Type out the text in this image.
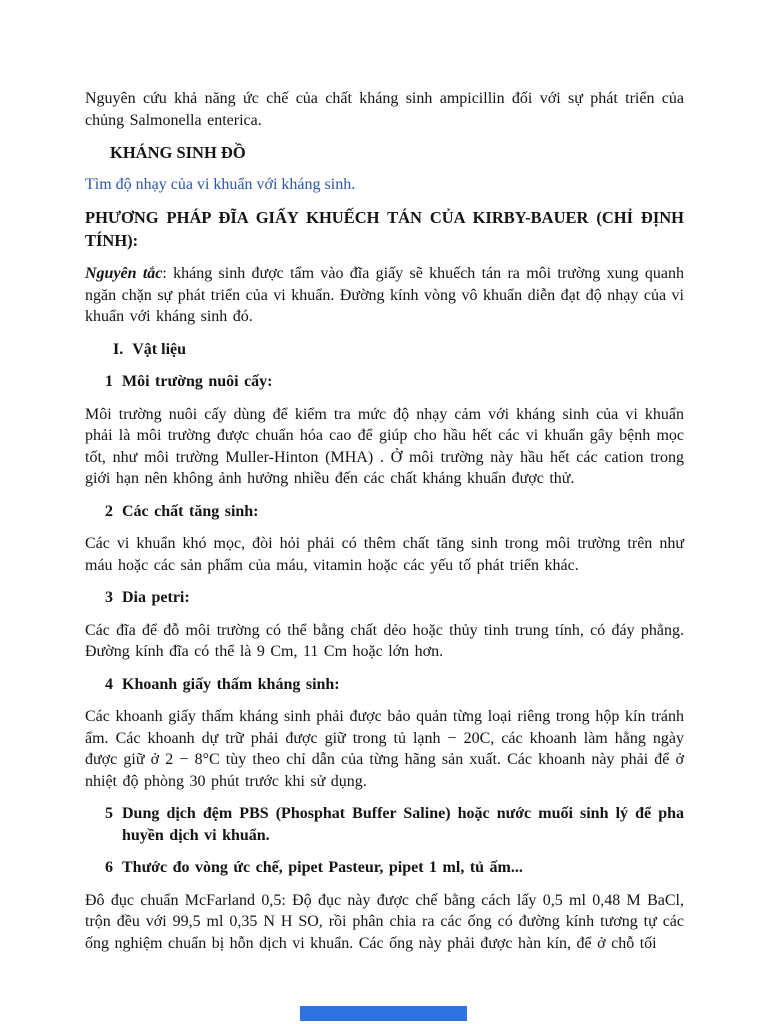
Nguyên cứu khả năng ức chế của chất kháng sinh ampicillin đối với sự phát triển của chủng Salmonella enterica.

KHÁNG SINH ĐỒ
Tìm độ nhạy của vi khuẩn với kháng sinh.
PHƯƠNG PHÁP ĐĨA GIẤY KHUẾCH TÁN CỦA KIRBY-BAUER (CHỈ ĐỊNH TÍNH):

Nguyên tắc: kháng sinh được tẩm vào đĩa giấy sẽ khuếch tán ra môi trường xung quanh ngăn chặn sự phát triển của vi khuẩn. Đường kính vòng vô khuẩn diễn đạt độ nhạy của vi khuẩn với kháng sinh đó.

I. Vật liệu
1 Môi trường nuôi cấy:

Môi trường nuôi cấy dùng để kiểm tra mức độ nhạy cảm với kháng sinh của vi khuẩn phải là môi trường được chuẩn hóa cao để giúp cho hầu hết các vi khuẩn gây bệnh mọc tốt, như môi trường Muller-Hinton (MHA) . Ở môi trường này hầu hết các cation trong giới hạn nên không ảnh hưởng nhiều đến các chất kháng khuẩn được thử.

2 Các chất tăng sinh:

Các vi khuẩn khó mọc, đòi hỏi phải có thêm chất tăng sinh trong môi trường trên như máu hoặc các sản phẩm của máu, vitamin hoặc các yếu tố phát triển khác.

3 Dia petri:

Các đĩa để đỗ môi trường có thể bằng chất dẻo hoặc thủy tinh trung tính, có đáy phẳng. Đường kính đĩa có thể là 9 Cm, 11 Cm hoặc lớn hơn.

4 Khoanh giấy thấm kháng sinh:

Các khoanh giấy thấm kháng sinh phải được bảo quản từng loại riêng trong hộp kín tránh ẩm. Các khoanh dự trữ phải được giữ trong tủ lạnh − 20C, các khoanh làm hằng ngày được giữ ở 2 − 8°C tùy theo chỉ dẫn của từng hãng sản xuất. Các khoanh này phải để ở nhiệt độ phòng 30 phút trước khi sử dụng.

5 Dung dịch đệm PBS (Phosphat Buffer Saline) hoặc nước muối sinh lý để pha huyền dịch vi khuẩn.
6 Thước đo vòng ức chế, pipet Pasteur, pipet 1 ml, tủ ấm...

Đô đục chuẩn McFarland 0,5: Độ đục này được chế bằng cách lấy 0,5 ml 0,48 M BaCl, trộn đều với 99,5 ml 0,35 N H SO, rồi phân chia ra các ống có đường kính tương tự các ống nghiệm chuẩn bị hỗn dịch vi khuẩn. Các ống này phải được hàn kín, để ở chỗ tối
